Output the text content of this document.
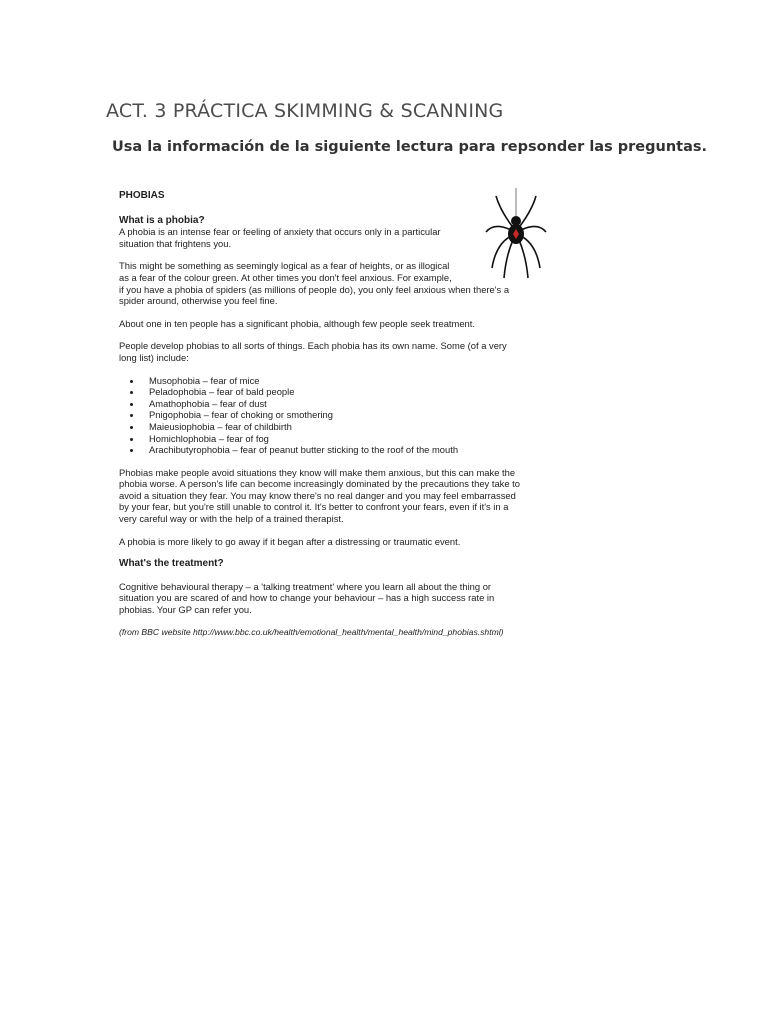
ACT. 3 PRÁCTICA SKIMMING & SCANNING
Usa la información de la siguiente lectura para repsonder las preguntas.

PHOBIAS

What is a phobia?

A phobia is an intense fear or feeling of anxiety that occurs only in a particular
situation that frightens you.

This might be something as seemingly logical as a fear of heights, or as illogical
as a fear of the colour green. At other times you don't feel anxious. For example,
if you have a phobia of spiders (as millions of people do), you only feel anxious when there's a
spider around, otherwise you feel fine.

About one in ten people has a significant phobia, although few people seek treatment.

People develop phobias to all sorts of things. Each phobia has its own name. Some (of a very
long list) include:

Musophobia – fear of mice
Peladophobia – fear of bald people
Amathophobia – fear of dust
Pnigophobia – fear of choking or smothering
Maieusiophobia – fear of childbirth
Homichlophobia – fear of fog
Arachibutyrophobia – fear of peanut butter sticking to the roof of the mouth

Phobias make people avoid situations they know will make them anxious, but this can make the
phobia worse. A person's life can become increasingly dominated by the precautions they take to
avoid a situation they fear. You may know there's no real danger and you may feel embarrassed
by your fear, but you're still unable to control it. It's better to confront your fears, even if it's in a
very careful way or with the help of a trained therapist.

A phobia is more likely to go away if it began after a distressing or traumatic event.

What's the treatment?

Cognitive behavioural therapy – a 'talking treatment' where you learn all about the thing or
situation you are scared of and how to change your behaviour – has a high success rate in
phobias. Your GP can refer you.

(from BBC website http://www.bbc.co.uk/health/emotional_health/mental_health/mind_phobias.shtml)
